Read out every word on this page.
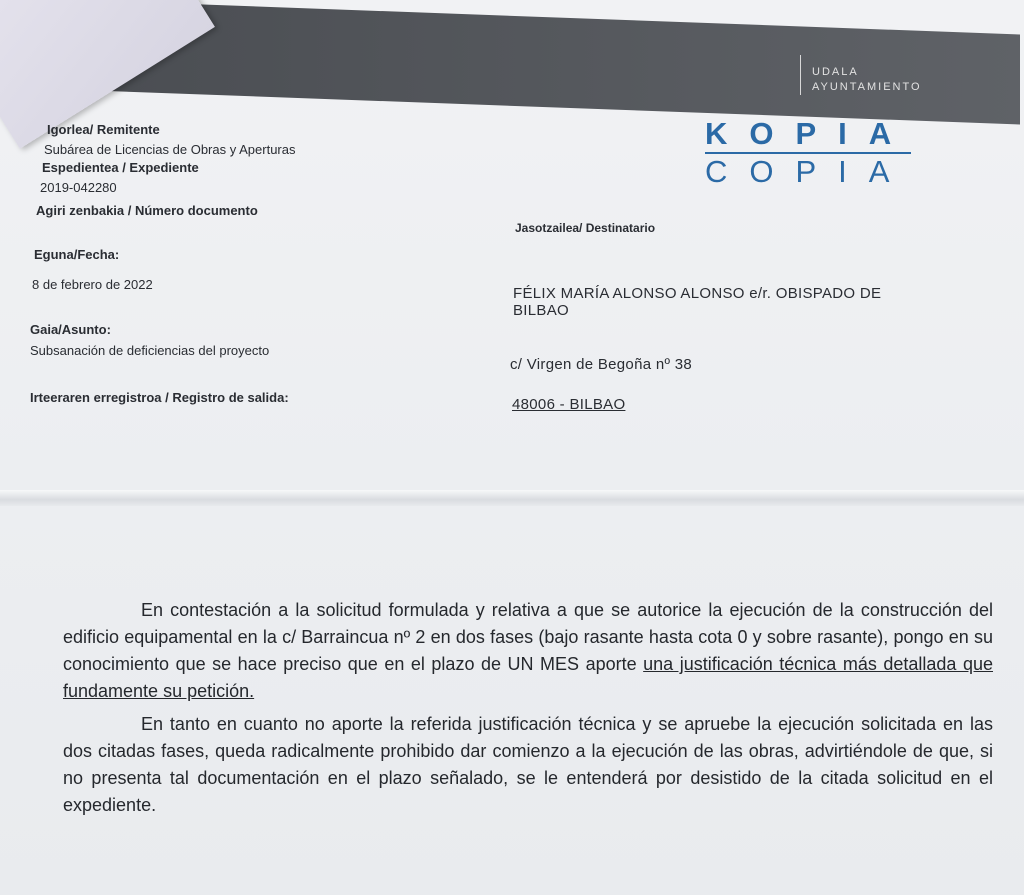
UDALA
AYUNTAMIENTO
KOPIA
COPIA
Igorlea/ Remitente
Subárea de Licencias de Obras y Aperturas
Espedientea / Expediente
2019-042280
Agiri zenbakia / Número documento
Eguna/Fecha:
8 de febrero de 2022
Gaia/Asunto:
Subsanación de deficiencias del proyecto
Irteeraren erregistroa / Registro de salida:
Jasotzailea/ Destinatario
FÉLIX MARÍA ALONSO ALONSO e/r. OBISPADO DE
BILBAO
c/ Virgen de Begoña nº 38
48006 - BILBAO
En contestación a la solicitud formulada y relativa a que se autorice la ejecución de la construcción del edificio equipamental en la c/ Barraincua nº 2 en dos fases (bajo rasante hasta cota 0 y sobre rasante), pongo en su conocimiento que se hace preciso que en el plazo de UN MES aporte una justificación técnica más detallada que fundamente su petición.
En tanto en cuanto no aporte la referida justificación técnica y se apruebe la ejecución solicitada en las dos citadas fases, queda radicalmente prohibido dar comienzo a la ejecución de las obras, advirtiéndole de que, si no presenta tal documentación en el plazo señalado, se le entenderá por desistido de la citada solicitud en el expediente.
